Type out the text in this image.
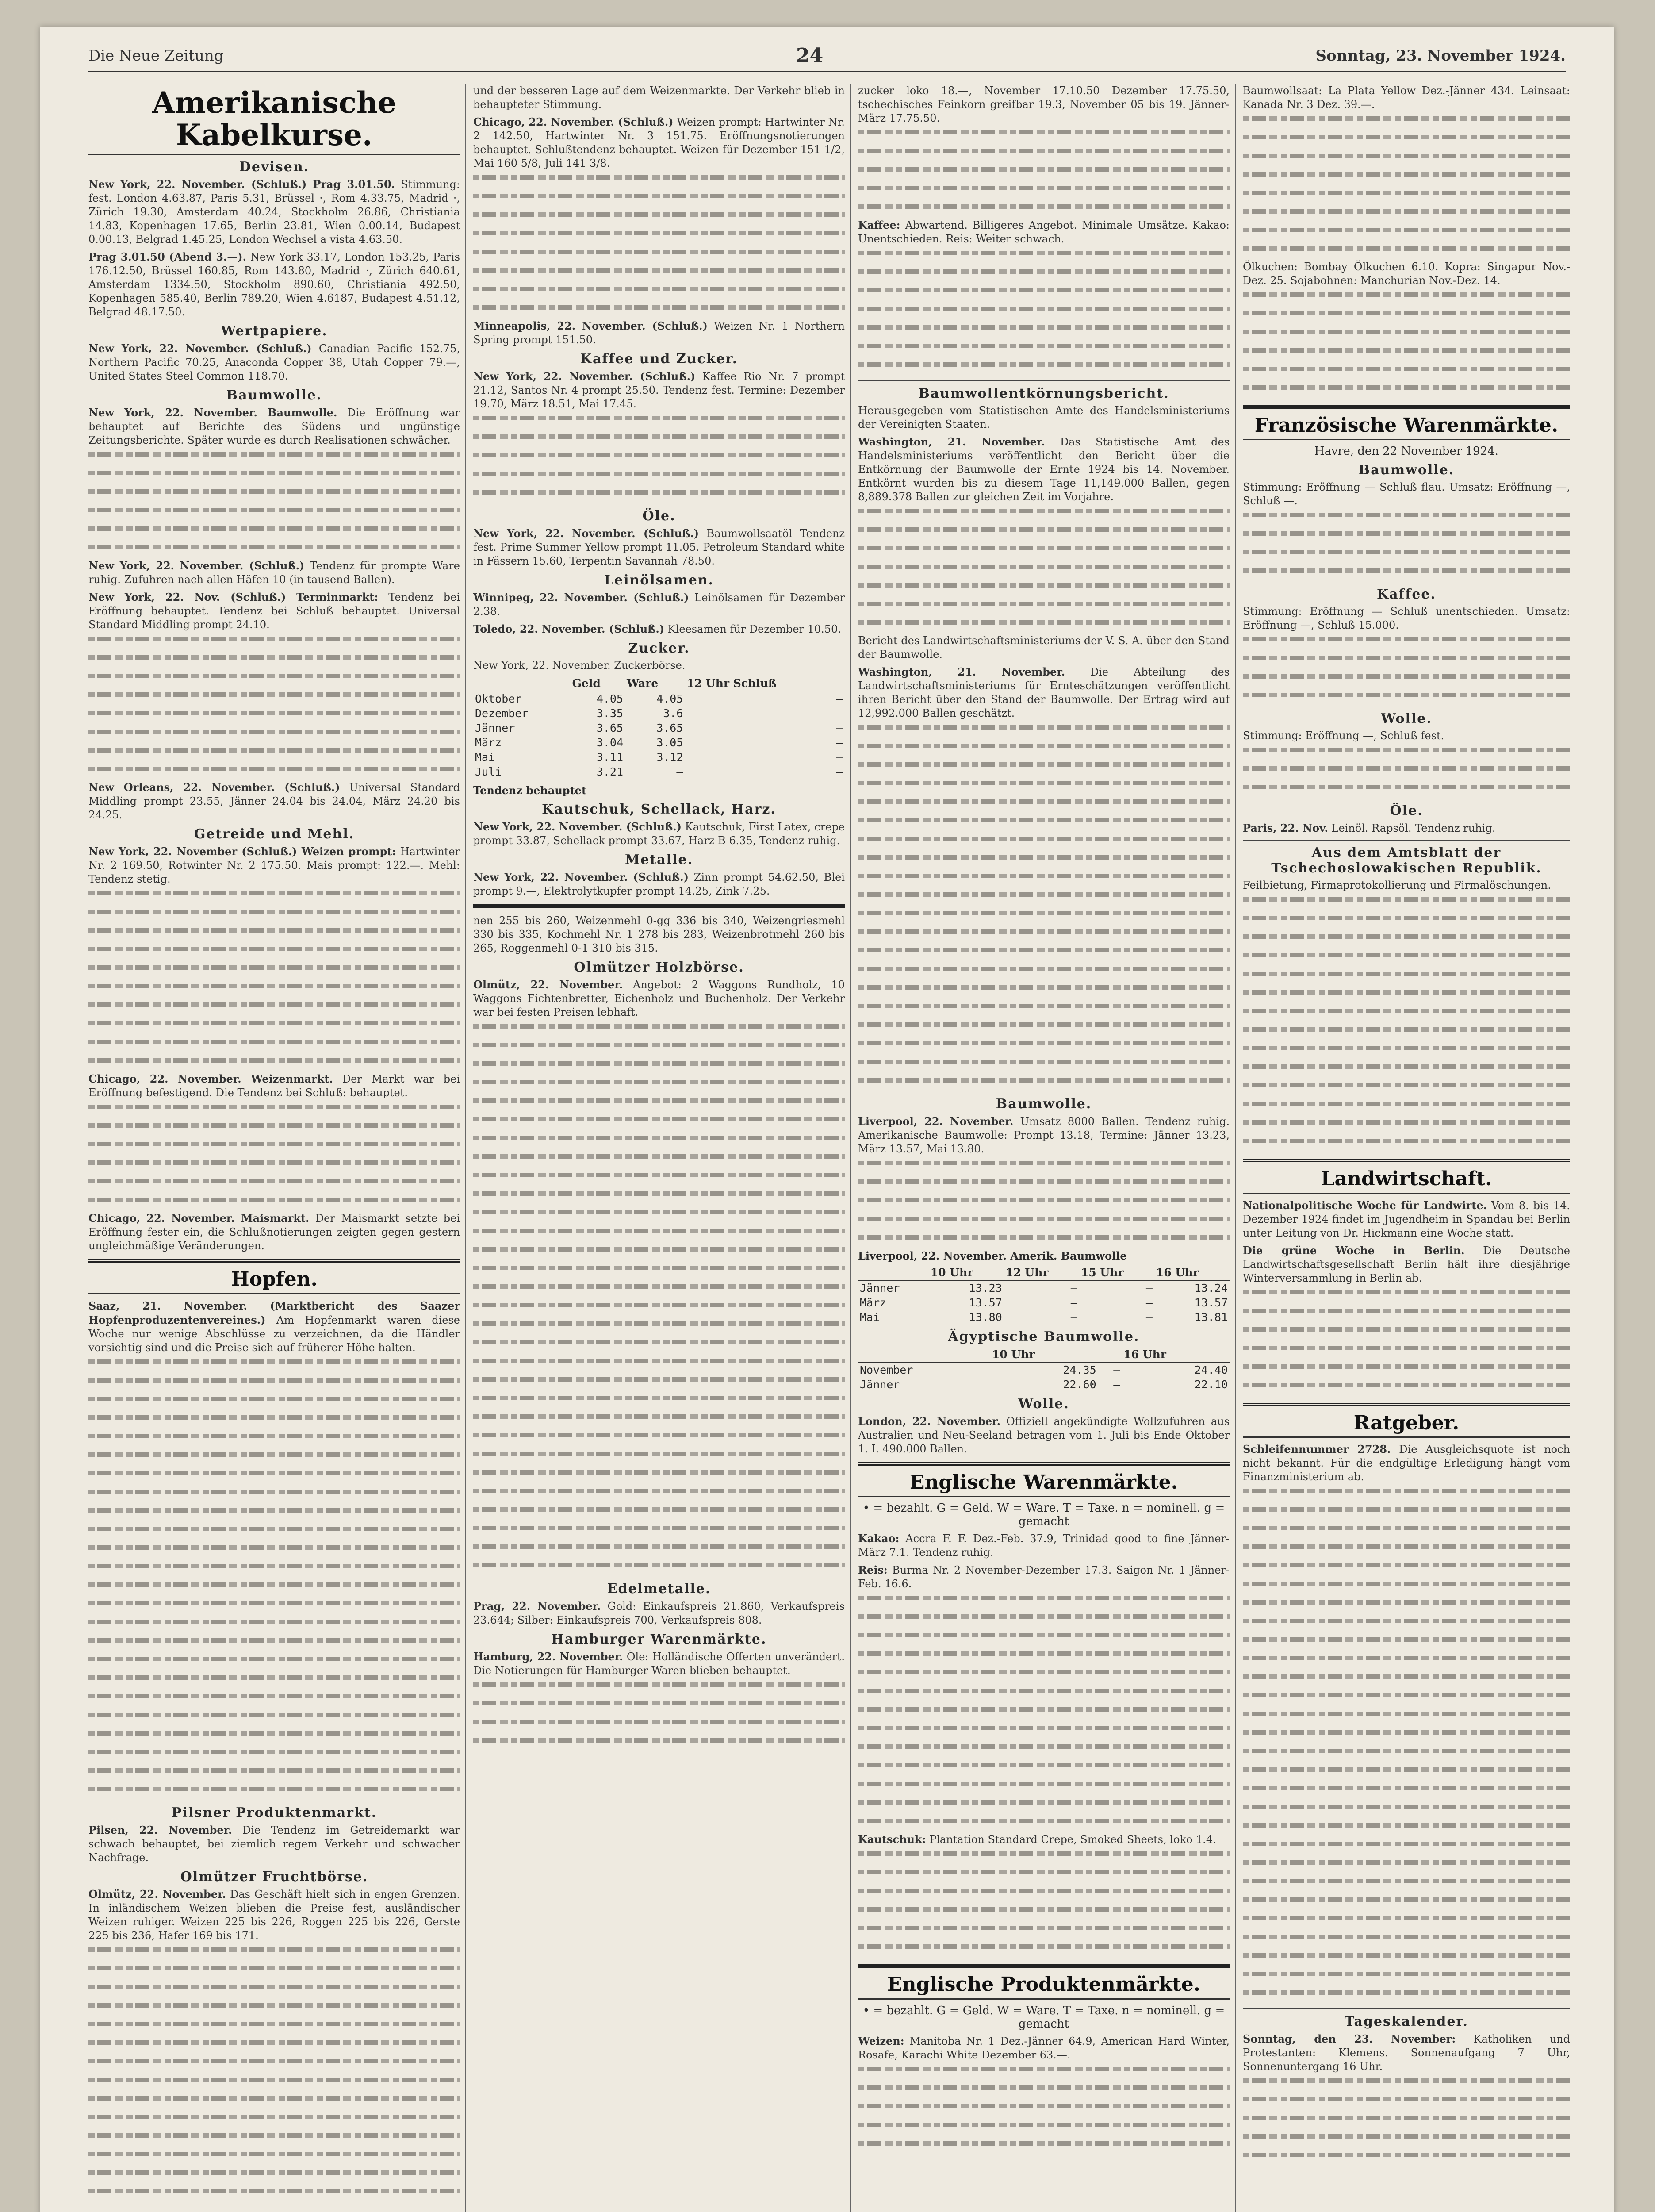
Die Neue Zeitung	24	Sonntag, 23. November 1924.
Amerikanische Kabelkurse.
Devisen.

New York, 22. November. (Schluß.) Prag 3.01.50. Stimmung: fest. London 4.63.87, Paris 5.31, Brüssel ·, Rom 4.33.75, Madrid ·, Zürich 19.30, Amsterdam 40.24, Stockholm 26.86, Christiania 14.83, Kopenhagen 17.65, Berlin 23.81, Wien 0.00.14, Budapest 0.00.13, Belgrad 1.45.25, London Wechsel a vista 4.63.50.

Prag 3.01.50 (Abend 3.—). New York 33.17, London 153.25, Paris 176.12.50, Brüssel 160.85, Rom 143.80, Madrid ·, Zürich 640.61, Amsterdam 1334.50, Stockholm 890.60, Christiania 492.50, Kopenhagen 585.40, Berlin 789.20, Wien 4.6187, Budapest 4.51.12, Belgrad 48.17.50.

Wertpapiere.

New York, 22. November. (Schluß.) Canadian Pacific 152.75, Northern Pacific 70.25, Anaconda Copper 38, Utah Copper 79.—, United States Steel Common 118.70.

Baumwolle.

New York, 22. November. Baumwolle. Die Eröffnung war behauptet auf Berichte des Südens und ungünstige Zeitungsberichte. Später wurde es durch Realisationen schwächer.

New York, 22. November. (Schluß.) Tendenz für prompte Ware ruhig. Zufuhren nach allen Häfen 10 (in tausend Ballen).

New York, 22. Nov. (Schluß.) Terminmarkt: Tendenz bei Eröffnung behauptet. Tendenz bei Schluß behauptet. Universal Standard Middling prompt 24.10.

New Orleans, 22. November. (Schluß.) Universal Standard Middling prompt 23.55, Jänner 24.04 bis 24.04, März 24.20 bis 24.25.

Getreide und Mehl.

New York, 22. November (Schluß.) Weizen prompt: Hartwinter Nr. 2 169.50, Rotwinter Nr. 2 175.50. Mais prompt: 122.—. Mehl: Tendenz stetig.

Chicago, 22. November. Weizenmarkt. Der Markt war bei Eröffnung befestigend. Die Tendenz bei Schluß: behauptet.

Chicago, 22. November. Maismarkt. Der Maismarkt setzte bei Eröffnung fester ein, die Schlußnotierungen zeigten gegen gestern ungleichmäßige Veränderungen.

Hopfen.

Saaz, 21. November. (Marktbericht des Saazer Hopfenproduzentenvereines.) Am Hopfenmarkt waren diese Woche nur wenige Abschlüsse zu verzeichnen, da die Händler vorsichtig sind und die Preise sich auf früherer Höhe halten.

Pilsner Produktenmarkt.

Pilsen, 22. November. Die Tendenz im Getreidemarkt war schwach behauptet, bei ziemlich regem Verkehr und schwacher Nachfrage.

Olmützer Fruchtbörse.

Olmütz, 22. November. Das Geschäft hielt sich in engen Grenzen. In inländischem Weizen blieben die Preise fest, ausländischer Weizen ruhiger. Weizen 225 bis 226, Roggen 225 bis 226, Gerste 225 bis 236, Hafer 169 bis 171.

und der besseren Lage auf dem Weizenmarkte. Der Verkehr blieb in behaupteter Stimmung.

Chicago, 22. November. (Schluß.) Weizen prompt: Hartwinter Nr. 2 142.50, Hartwinter Nr. 3 151.75. Eröffnungsnotierungen behauptet. Schlußtendenz behauptet. Weizen für Dezember 151 1/2, Mai 160 5/8, Juli 141 3/8.

Minneapolis, 22. November. (Schluß.) Weizen Nr. 1 Northern Spring prompt 151.50.

Kaffee und Zucker.

New York, 22. November. (Schluß.) Kaffee Rio Nr. 7 prompt 21.12, Santos Nr. 4 prompt 25.50. Tendenz fest. Termine: Dezember 19.70, März 18.51, Mai 17.45.

Öle.

New York, 22. November. (Schluß.) Baumwollsaatöl Tendenz fest. Prime Summer Yellow prompt 11.05. Petroleum Standard white in Fässern 15.60, Terpentin Savannah 78.50.

Leinölsamen.

Winnipeg, 22. November. (Schluß.) Leinölsamen für Dezember 2.38.

Toledo, 22. November. (Schluß.) Kleesamen für Dezember 10.50.

Zucker.

New York, 22. November. Zuckerbörse.

	Geld	Ware	12 Uhr Schluß
Oktober	4.05	4.05	—
Dezember	3.35	3.6	—
Jänner	3.65	3.65	—
März	3.04	3.05	—
Mai	3.11	3.12	—
Juli	3.21	—	—

Tendenz behauptet

Kautschuk, Schellack, Harz.

New York, 22. November. (Schluß.) Kautschuk, First Latex, crepe prompt 33.87, Schellack prompt 33.67, Harz B 6.35, Tendenz ruhig.

Metalle.

New York, 22. November. (Schluß.) Zinn prompt 54.62.50, Blei prompt 9.—, Elektrolytkupfer prompt 14.25, Zink 7.25.

nen 255 bis 260, Weizenmehl 0-gg 336 bis 340, Weizengriesmehl 330 bis 335, Kochmehl Nr. 1 278 bis 283, Weizenbrotmehl 260 bis 265, Roggenmehl 0-1 310 bis 315.

Olmützer Holzbörse.

Olmütz, 22. November. Angebot: 2 Waggons Rundholz, 10 Waggons Fichtenbretter, Eichenholz und Buchenholz. Der Verkehr war bei festen Preisen lebhaft.

Edelmetalle.

Prag, 22. November. Gold: Einkaufspreis 21.860, Verkaufspreis 23.644; Silber: Einkaufspreis 700, Verkaufspreis 808.

Hamburger Warenmärkte.

Hamburg, 22. November. Öle: Holländische Offerten unverändert. Die Notierungen für Hamburger Waren blieben behauptet.

zucker loko 18.—, November 17.10.50 Dezember 17.75.50, tschechisches Feinkorn greifbar 19.3, November 05 bis 19. Jänner-März 17.75.50.

Kaffee: Abwartend. Billigeres Angebot. Minimale Umsätze. Kakao: Unentschieden. Reis: Weiter schwach.

Baumwollentkörnungsbericht.

Herausgegeben vom Statistischen Amte des Handelsministeriums der Vereinigten Staaten.

Washington, 21. November. Das Statistische Amt des Handelsministeriums veröffentlicht den Bericht über die Entkörnung der Baumwolle der Ernte 1924 bis 14. November. Entkörnt wurden bis zu diesem Tage 11,149.000 Ballen, gegen 8,889.378 Ballen zur gleichen Zeit im Vorjahre.

Bericht des Landwirtschaftsministeriums der V. S. A. über den Stand der Baumwolle.

Washington, 21. November. Die Abteilung des Landwirtschaftsministeriums für Ernteschätzungen veröffentlicht ihren Bericht über den Stand der Baumwolle. Der Ertrag wird auf 12,992.000 Ballen geschätzt.

Baumwolle.

Liverpool, 22. November. Umsatz 8000 Ballen. Tendenz ruhig. Amerikanische Baumwolle: Prompt 13.18, Termine: Jänner 13.23, März 13.57, Mai 13.80.

Liverpool, 22. November. Amerik. Baumwolle

	10 Uhr	12 Uhr	15 Uhr	16 Uhr
Jänner	13.23	—	—	13.24
März	13.57	—	—	13.57
Mai	13.80	—	—	13.81
Ägyptische Baumwolle.
	10 Uhr		16 Uhr
November	24.35	—	24.40
Jänner	22.60	—	22.10
Wolle.

London, 22. November. Offiziell angekündigte Wollzufuhren aus Australien und Neu-Seeland betragen vom 1. Juli bis Ende Oktober 1. I. 490.000 Ballen.

Englische Warenmärkte.

• = bezahlt. G = Geld. W = Ware. T = Taxe. n = nominell. g = gemacht

Kakao: Accra F. F. Dez.-Feb. 37.9, Trinidad good to fine Jänner-März 7.1. Tendenz ruhig.

Reis: Burma Nr. 2 November-Dezember 17.3. Saigon Nr. 1 Jänner-Feb. 16.6.

Kautschuk: Plantation Standard Crepe, Smoked Sheets, loko 1.4.

Englische Produktenmärkte.

• = bezahlt. G = Geld. W = Ware. T = Taxe. n = nominell. g = gemacht

Weizen: Manitoba Nr. 1 Dez.-Jänner 64.9, American Hard Winter, Rosafe, Karachi White Dezember 63.—.

Baumwollsaat: La Plata Yellow Dez.-Jänner 434. Leinsaat: Kanada Nr. 3 Dez. 39.—.

Ölkuchen: Bombay Ölkuchen 6.10. Kopra: Singapur Nov.-Dez. 25. Sojabohnen: Manchurian Nov.-Dez. 14.

Französische Warenmärkte.

Havre, den 22 November 1924.

Baumwolle.

Stimmung: Eröffnung — Schluß flau. Umsatz: Eröffnung —, Schluß —.

Kaffee.

Stimmung: Eröffnung — Schluß unentschieden. Umsatz: Eröffnung —, Schluß 15.000.

Wolle.

Stimmung: Eröffnung —, Schluß fest.

Öle.

Paris, 22. Nov. Leinöl. Rapsöl. Tendenz ruhig.

Aus dem Amtsblatt der Tschechoslowakischen Republik.

Feilbietung, Firmaprotokollierung und Firmalöschungen.

Landwirtschaft.

Nationalpolitische Woche für Landwirte. Vom 8. bis 14. Dezember 1924 findet im Jugendheim in Spandau bei Berlin unter Leitung von Dr. Hickmann eine Woche statt.

Die grüne Woche in Berlin. Die Deutsche Landwirtschaftsgesellschaft Berlin hält ihre diesjährige Winterversammlung in Berlin ab.

Ratgeber.

Schleifennummer 2728. Die Ausgleichsquote ist noch nicht bekannt. Für die endgültige Erledigung hängt vom Finanzministerium ab.

Tageskalender.

Sonntag, den 23. November: Katholiken und Protestanten: Klemens. Sonnenaufgang 7 Uhr, Sonnenuntergang 16 Uhr.
